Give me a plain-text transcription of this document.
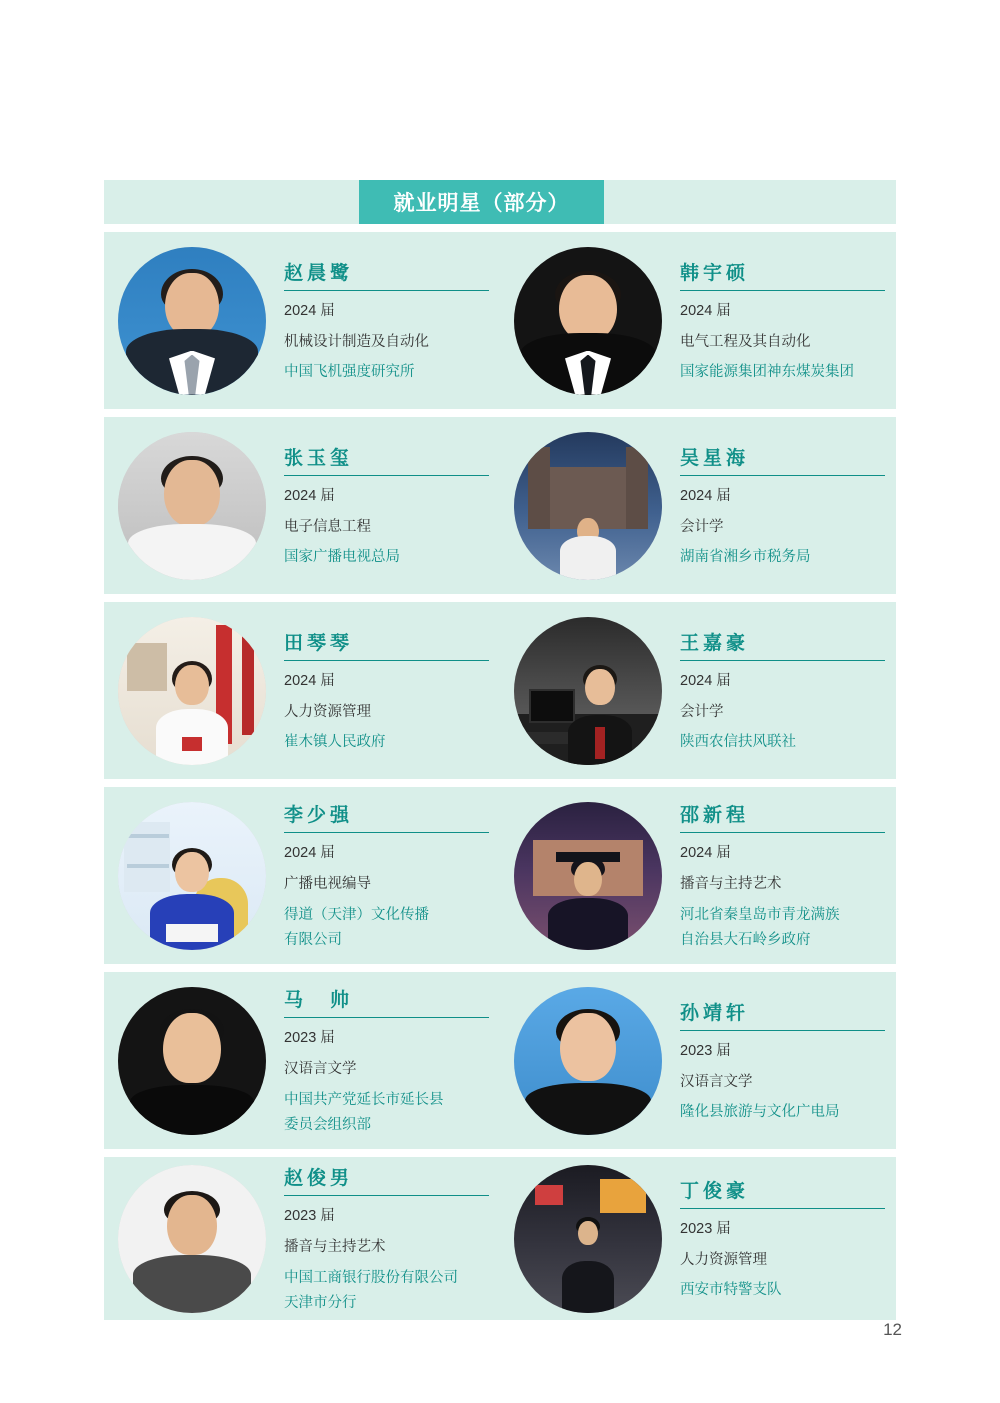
就业明星（部分）
赵晨鹭
2024 届
机械设计制造及自动化
中国飞机强度研究所
韩宇硕
2024 届
电气工程及其自动化
国家能源集团神东煤炭集团
张玉玺
2024 届
电子信息工程
国家广播电视总局
吴星海
2024 届
会计学
湖南省湘乡市税务局
田琴琴
2024 届
人力资源管理
崔木镇人民政府
王嘉豪
2024 届
会计学
陕西农信扶风联社
李少强
2024 届
广播电视编导
得道（天津）文化传播
有限公司
邵新程
2024 届
播音与主持艺术
河北省秦皇岛市青龙满族
自治县大石岭乡政府
马　帅
2023 届
汉语言文学
中国共产党延长市延长县
委员会组织部
孙靖轩
2023 届
汉语言文学
隆化县旅游与文化广电局
赵俊男
2023 届
播音与主持艺术
中国工商银行股份有限公司
天津市分行
丁俊豪
2023 届
人力资源管理
西安市特警支队
12
